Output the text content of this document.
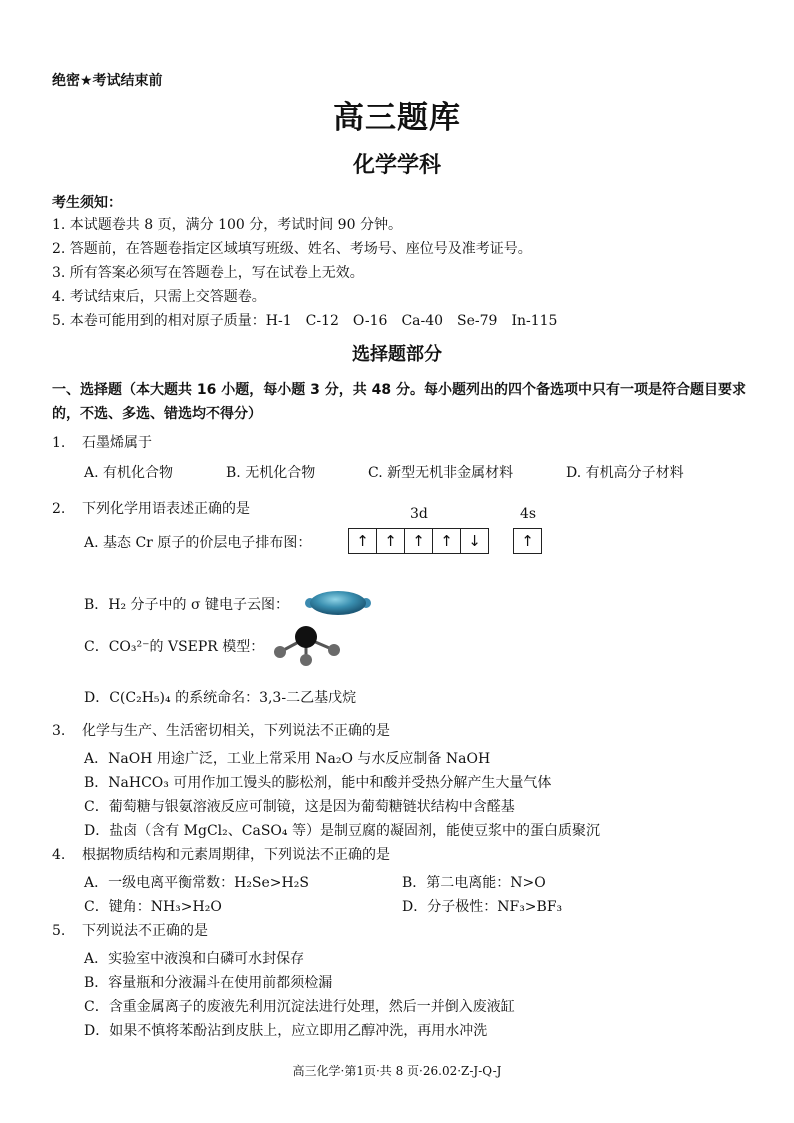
绝密★考试结束前
高三题库
化学学科
考生须知：
1. 本试题卷共 8 页，满分 100 分，考试时间 90 分钟。
2. 答题前，在答题卷指定区域填写班级、姓名、考场号、座位号及准考证号。
3. 所有答案必须写在答题卷上，写在试卷上无效。
4. 考试结束后，只需上交答题卷。
5. 本卷可能用到的相对原子质量：H-1　C-12　O-16　Ca-40　Se-79　In-115
选择题部分
一、选择题（本大题共 16 小题，每小题 3 分，共 48 分。每小题列出的四个备选项中只有一项是符合题目要求的，不选、多选、错选均不得分）
1. 石墨烯属于
A. 有机化合物	B. 无机化合物	C. 新型无机非金属材料	D. 有机高分子材料
2. 下列化学用语表述正确的是	3d	4s
A. 基态 Cr 原子的价层电子排布图：	↑	↑	↑	↑	↓	↑
B．H₂ 分子中的 σ 键电子云图：
C．CO₃²⁻的 VSEPR 模型：
D．C(C₂H₅)₄ 的系统命名：3,3-二乙基戊烷
3. 化学与生产、生活密切相关，下列说法不正确的是
A．NaOH 用途广泛，工业上常采用 Na₂O 与水反应制备 NaOH
B．NaHCO₃ 可用作加工馒头的膨松剂，能中和酸并受热分解产生大量气体
C．葡萄糖与银氨溶液反应可制镜，这是因为葡萄糖链状结构中含醛基
D．盐卤（含有 MgCl₂、CaSO₄ 等）是制豆腐的凝固剂，能使豆浆中的蛋白质聚沉
4. 根据物质结构和元素周期律，下列说法不正确的是
A．一级电离平衡常数：H₂Se>H₂S	B．第二电离能：N>O
C．键角：NH₃>H₂O	D．分子极性：NF₃>BF₃
5. 下列说法不正确的是
A．实验室中液溴和白磷可水封保存
B．容量瓶和分液漏斗在使用前都须检漏
C．含重金属离子的废液先利用沉淀法进行处理，然后一并倒入废液缸
D．如果不慎将苯酚沾到皮肤上，应立即用乙醇冲洗，再用水冲洗
高三化学·第1页·共 8 页·26.02·Z-J-Q-J
